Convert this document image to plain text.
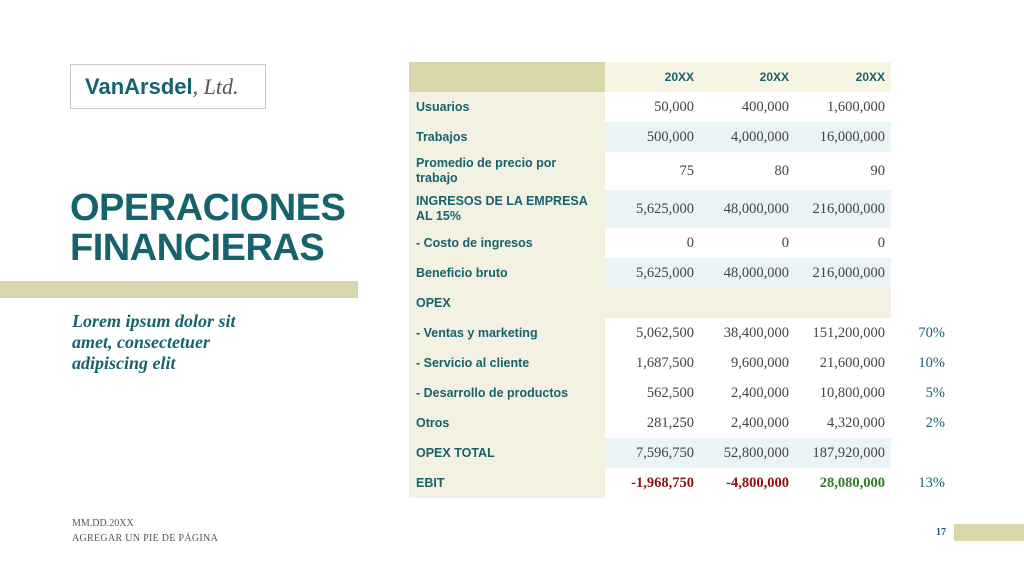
VanArsdel , Ltd.
OPERACIONES
FINANCIERAS
Lorem ipsum dolor sit amet, consectetuer adipiscing elit
	20XX	20XX	20XX	
Usuarios	50,000	400,000	1,600,000	
Trabajos	500,000	4,000,000	16,000,000	
Promedio de precio por trabajo	75	80	90	
INGRESOS DE LA EMPRESA AL 15%	5,625,000	48,000,000	216,000,000	
- Costo de ingresos	0	0	0	
Beneficio bruto	5,625,000	48,000,000	216,000,000	
OPEX				
- Ventas y marketing	5,062,500	38,400,000	151,200,000	70%
- Servicio al cliente	1,687,500	9,600,000	21,600,000	10%
- Desarrollo de productos	562,500	2,400,000	10,800,000	5%
Otros	281,250	2,400,000	4,320,000	2%
OPEX TOTAL	7,596,750	52,800,000	187,920,000	
EBIT	-1,968,750	-4,800,000	28,080,000	13%
MM.DD.20XX
AGREGAR UN PIE DE PÁGINA
17
